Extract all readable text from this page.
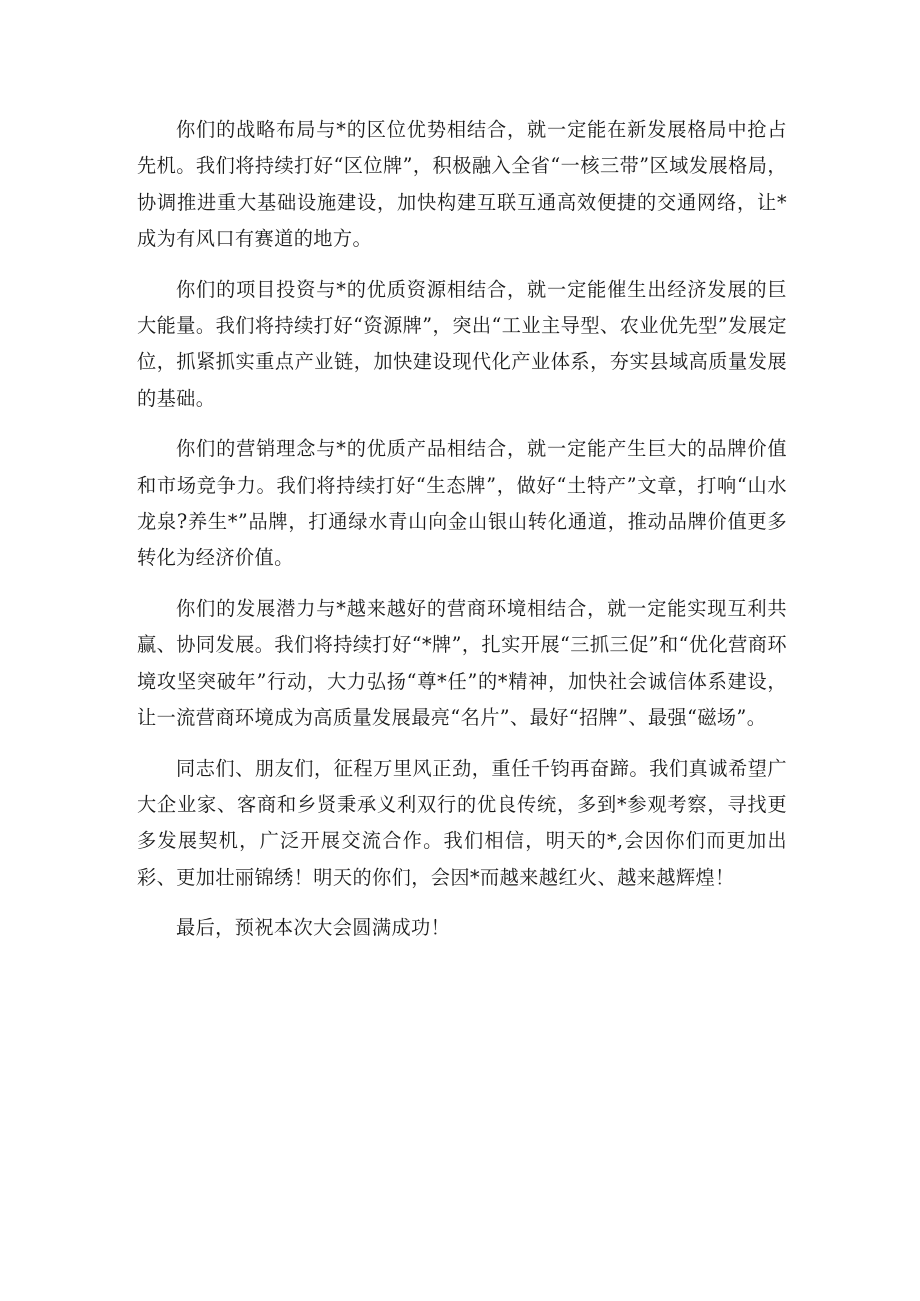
你们的战略布局与*的区位优势相结合，就一定能在新发展格局中抢占先机。我们将持续打好“区位牌”，积极融入全省“一核三带”区域发展格局，协调推进重大基础设施建设，加快构建互联互通高效便捷的交通网络，让*成为有风口有赛道的地方。

你们的项目投资与*的优质资源相结合，就一定能催生出经济发展的巨大能量。我们将持续打好“资源牌”，突出“工业主导型、农业优先型”发展定位，抓紧抓实重点产业链，加快建设现代化产业体系，夯实县域高质量发展的基础。

你们的营销理念与*的优质产品相结合，就一定能产生巨大的品牌价值和市场竞争力。我们将持续打好“生态牌”，做好“土特产”文章，打响“山水龙泉?养生*”品牌，打通绿水青山向金山银山转化通道，推动品牌价值更多转化为经济价值。

你们的发展潜力与*越来越好的营商环境相结合，就一定能实现互利共赢、协同发展。我们将持续打好“*牌”，扎实开展“三抓三促”和“优化营商环境攻坚突破年”行动，大力弘扬“尊*任”的*精神，加快社会诚信体系建设，让一流营商环境成为高质量发展最亮“名片”、最好“招牌”、最强“磁场”。

同志们、朋友们，征程万里风正劲，重任千钧再奋蹄。我们真诚希望广大企业家、客商和乡贤秉承义利双行的优良传统，多到*参观考察，寻找更多发展契机，广泛开展交流合作。我们相信，明天的*,会因你们而更加出彩、更加壮丽锦绣！明天的你们，会因*而越来越红火、越来越辉煌！

最后，预祝本次大会圆满成功！
